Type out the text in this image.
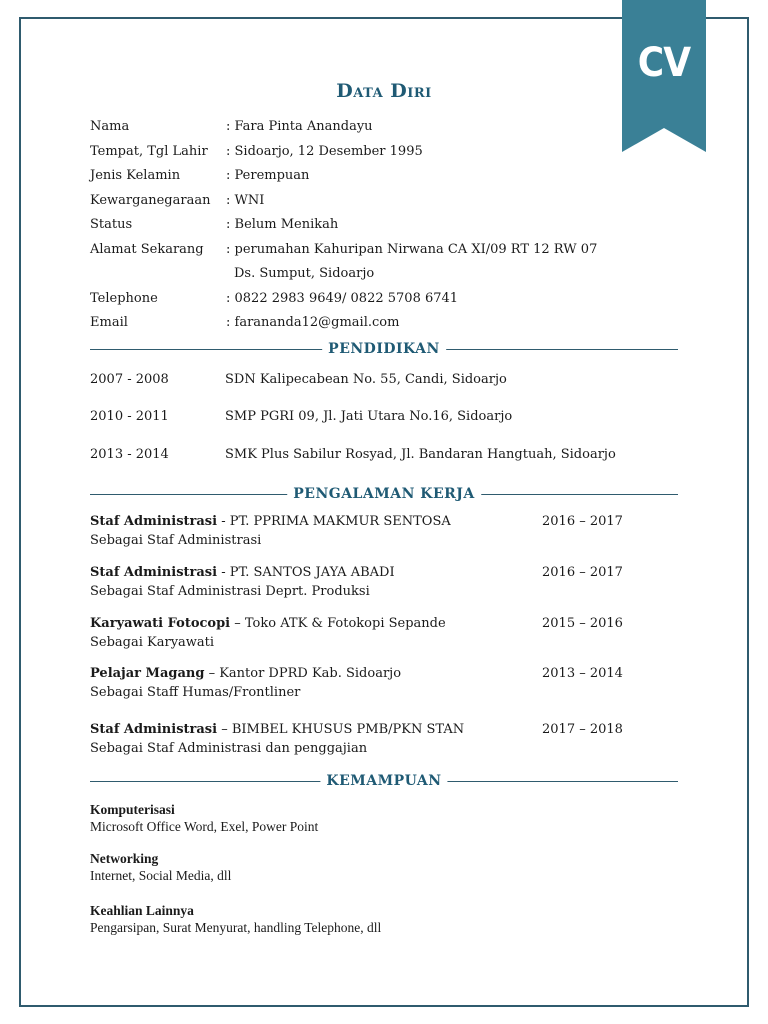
CV
Data Diri
Nama	: Fara Pinta Anandayu
Tempat, Tgl Lahir	: Sidoarjo, 12 Desember 1995
Jenis Kelamin	: Perempuan
Kewarganegaraan	: WNI
Status	: Belum Menikah
Alamat Sekarang	: perumahan Kahuripan Nirwana CA XI/09 RT 12 RW 07
Ds. Sumput, Sidoarjo
Telephone	: 0822 2983 9649/ 0822 5708 6741
Email	: farananda12@gmail.com
PENDIDIKAN
2007 - 2008	SDN Kalipecabean No. 55, Candi, Sidoarjo
2010 - 2011	SMP PGRI 09, Jl. Jati Utara No.16, Sidoarjo
2013 - 2014	SMK Plus Sabilur Rosyad, Jl. Bandaran Hangtuah, Sidoarjo
PENGALAMAN KERJA
Staf Administrasi - PT. PPRIMA MAKMUR SENTOSA	2016 – 2017
Sebagai Staf Administrasi
Staf Administrasi - PT. SANTOS JAYA ABADI	2016 – 2017
Sebagai Staf Administrasi Deprt. Produksi
Karyawati Fotocopi – Toko ATK & Fotokopi Sepande	2015 – 2016
Sebagai Karyawati
Pelajar Magang – Kantor DPRD Kab. Sidoarjo	2013 – 2014
Sebagai Staff Humas/Frontliner
Staf Administrasi – BIMBEL KHUSUS PMB/PKN STAN	2017 – 2018
Sebagai Staf Administrasi dan penggajian
KEMAMPUAN
Komputerisasi
Microsoft Office Word, Exel, Power Point
Networking
Internet, Social Media, dll
Keahlian Lainnya
Pengarsipan, Surat Menyurat, handling Telephone, dll
